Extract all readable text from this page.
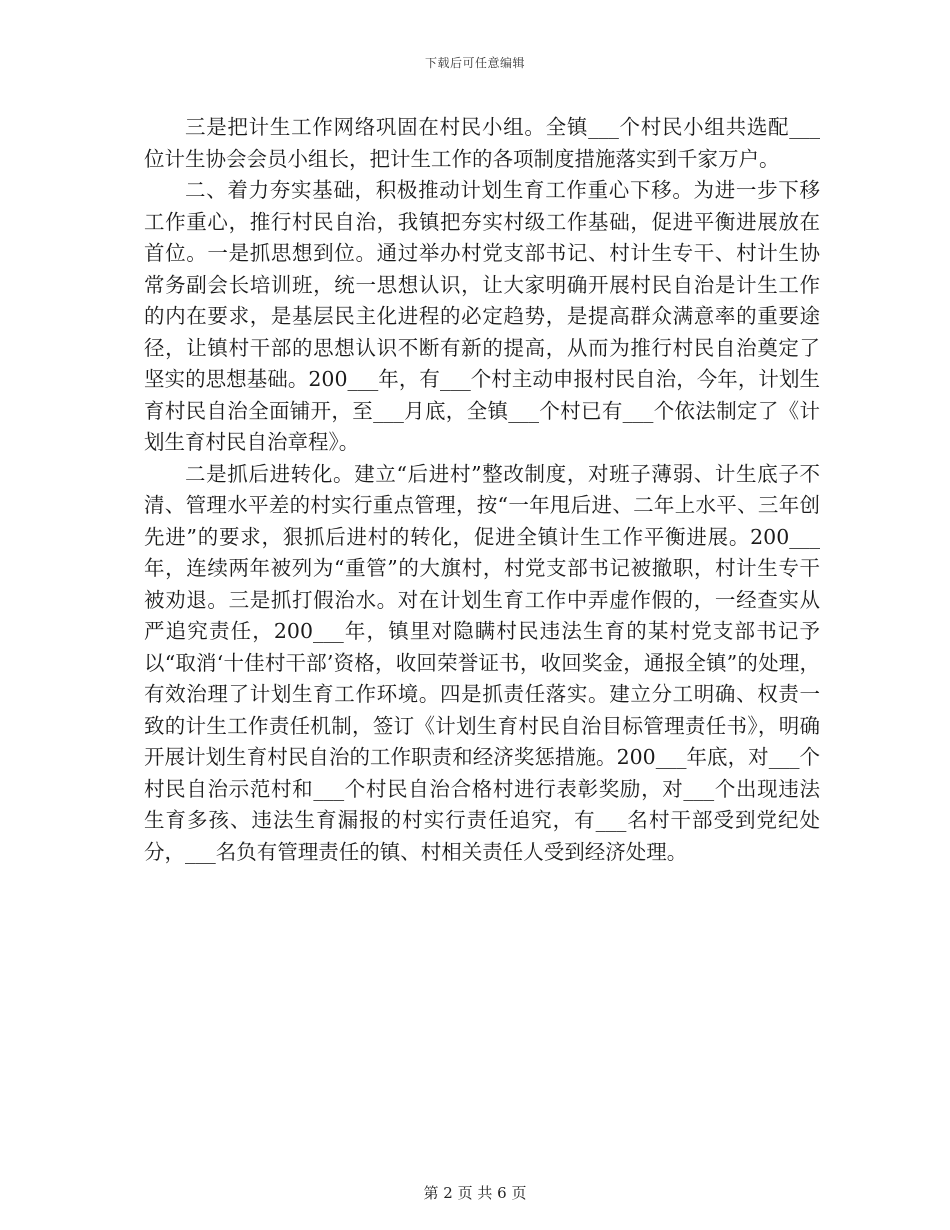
下载后可任意编辑

三是把计生工作网络巩固在村民小组。全镇___个村民小组共选配___位计生协会会员小组长，把计生工作的各项制度措施落实到千家万户。

二、着力夯实基础，积极推动计划生育工作重心下移。为进一步下移工作重心，推行村民自治，我镇把夯实村级工作基础，促进平衡进展放在首位。一是抓思想到位。通过举办村党支部书记、村计生专干、村计生协常务副会长培训班，统一思想认识，让大家明确开展村民自治是计生工作的内在要求，是基层民主化进程的必定趋势，是提高群众满意率的重要途径，让镇村干部的思想认识不断有新的提高，从而为推行村民自治奠定了坚实的思想基础。200___年，有___个村主动申报村民自治，今年，计划生育村民自治全面铺开，至___月底，全镇___个村已有___个依法制定了《计划生育村民自治章程》。

二是抓后进转化。建立“后进村”整改制度，对班子薄弱、计生底子不清、管理水平差的村实行重点管理，按“一年甩后进、二年上水平、三年创先进”的要求，狠抓后进村的转化，促进全镇计生工作平衡进展。200___年，连续两年被列为“重管”的大旗村，村党支部书记被撤职，村计生专干被劝退。三是抓打假治水。对在计划生育工作中弄虚作假的，一经查实从严追究责任，200___年，镇里对隐瞒村民违法生育的某村党支部书记予以“取消‘十佳村干部’资格，收回荣誉证书，收回奖金，通报全镇”的处理，有效治理了计划生育工作环境。四是抓责任落实。建立分工明确、权责一致的计生工作责任机制，签订《计划生育村民自治目标管理责任书》，明确开展计划生育村民自治的工作职责和经济奖惩措施。200___年底，对___个村民自治示范村和___个村民自治合格村进行表彰奖励，对___个出现违法生育多孩、违法生育漏报的村实行责任追究，有___名村干部受到党纪处分，___名负有管理责任的镇、村相关责任人受到经济处理。

第 2 页 共 6 页
